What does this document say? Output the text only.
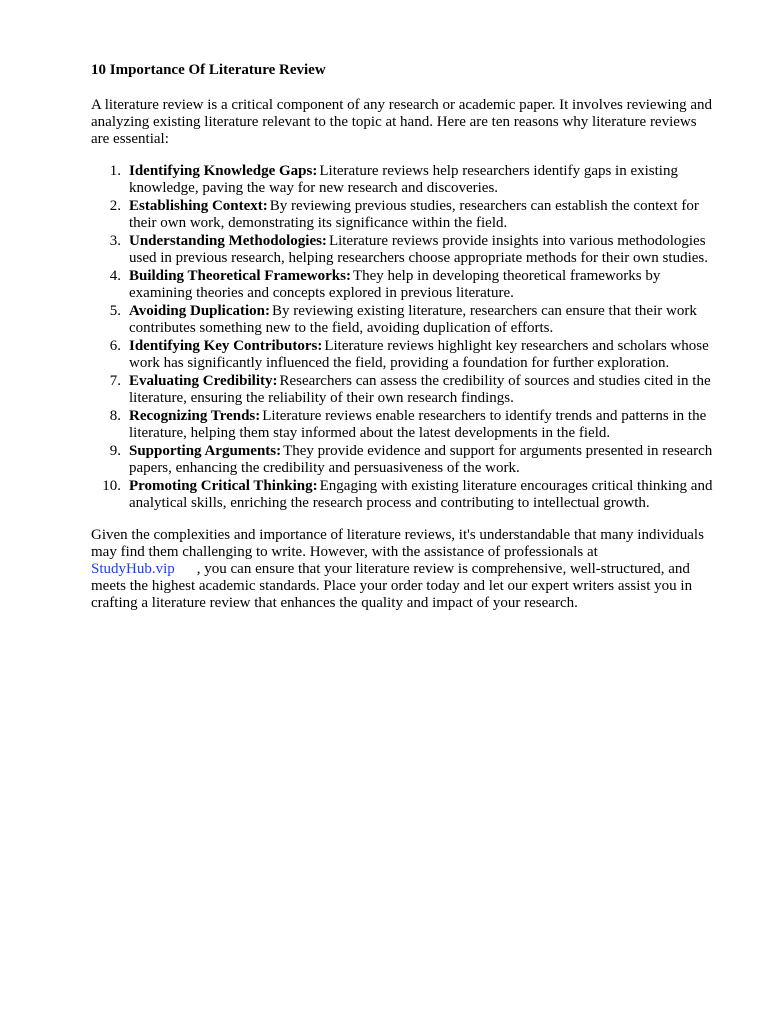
10 Importance Of Literature Review

A literature review is a critical component of any research or academic paper. It involves reviewing and analyzing existing literature relevant to the topic at hand. Here are ten reasons why literature reviews are essential:

1. Identifying Knowledge Gaps: Literature reviews help researchers identify gaps in existing knowledge, paving the way for new research and discoveries.
2. Establishing Context: By reviewing previous studies, researchers can establish the context for their own work, demonstrating its significance within the field.
3. Understanding Methodologies: Literature reviews provide insights into various methodologies used in previous research, helping researchers choose appropriate methods for their own studies.
4. Building Theoretical Frameworks: They help in developing theoretical frameworks by examining theories and concepts explored in previous literature.
5. Avoiding Duplication: By reviewing existing literature, researchers can ensure that their work contributes something new to the field, avoiding duplication of efforts.
6. Identifying Key Contributors: Literature reviews highlight key researchers and scholars whose work has significantly influenced the field, providing a foundation for further exploration.
7. Evaluating Credibility: Researchers can assess the credibility of sources and studies cited in the literature, ensuring the reliability of their own research findings.
8. Recognizing Trends: Literature reviews enable researchers to identify trends and patterns in the literature, helping them stay informed about the latest developments in the field.
9. Supporting Arguments: They provide evidence and support for arguments presented in research papers, enhancing the credibility and persuasiveness of the work.
10. Promoting Critical Thinking: Engaging with existing literature encourages critical thinking and analytical skills, enriching the research process and contributing to intellectual growth.

Given the complexities and importance of literature reviews, it's understandable that many individuals may find them challenging to write. However, with the assistance of professionals at
StudyHub.vip , you can ensure that your literature review is comprehensive, well-structured, and meets the highest academic standards. Place your order today and let our expert writers assist you in crafting a literature review that enhances the quality and impact of your research.
